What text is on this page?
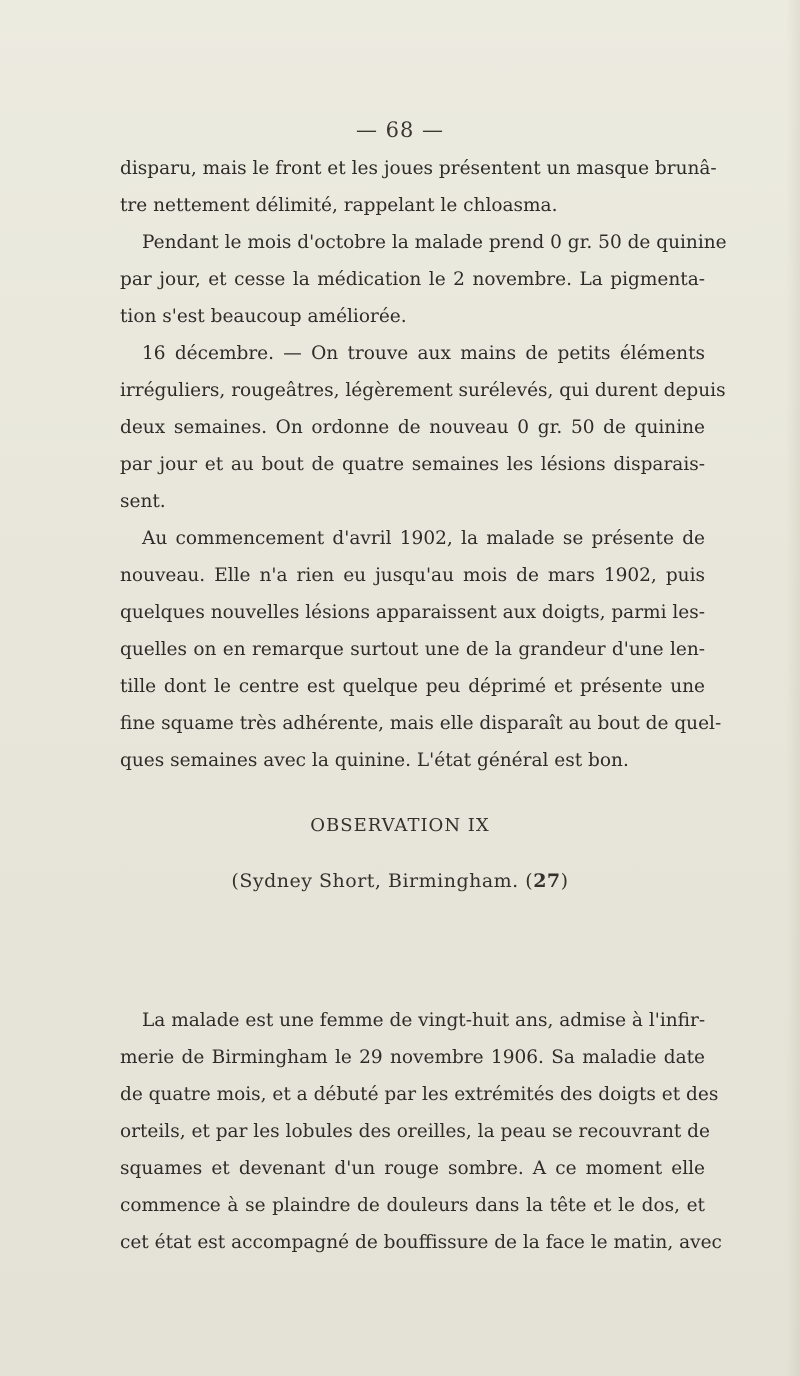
— 68 —
disparu, mais le front et les joues présentent un masque brunâ-
tre nettement délimité, rappelant le chloasma.
Pendant le mois d'octobre la malade prend 0 gr. 50 de quinine
par jour, et cesse la médication le 2 novembre. La pigmenta-
tion s'est beaucoup améliorée.
16 décembre. — On trouve aux mains de petits éléments
irréguliers, rougeâtres, légèrement surélevés, qui durent depuis
deux semaines. On ordonne de nouveau 0 gr. 50 de quinine
par jour et au bout de quatre semaines les lésions disparais-
sent.
Au commencement d'avril 1902, la malade se présente de
nouveau. Elle n'a rien eu jusqu'au mois de mars 1902, puis
quelques nouvelles lésions apparaissent aux doigts, parmi les-
quelles on en remarque surtout une de la grandeur d'une len-
tille dont le centre est quelque peu déprimé et présente une
fine squame très adhérente, mais elle disparaît au bout de quel-
ques semaines avec la quinine. L'état général est bon.
OBSERVATION IX
(Sydney Short, Birmingham. (27)
La malade est une femme de vingt-huit ans, admise à l'infir-
merie de Birmingham le 29 novembre 1906. Sa maladie date
de quatre mois, et a débuté par les extrémités des doigts et des
orteils, et par les lobules des oreilles, la peau se recouvrant de
squames et devenant d'un rouge sombre. A ce moment elle
commence à se plaindre de douleurs dans la tête et le dos, et
cet état est accompagné de bouffissure de la face le matin, avec
